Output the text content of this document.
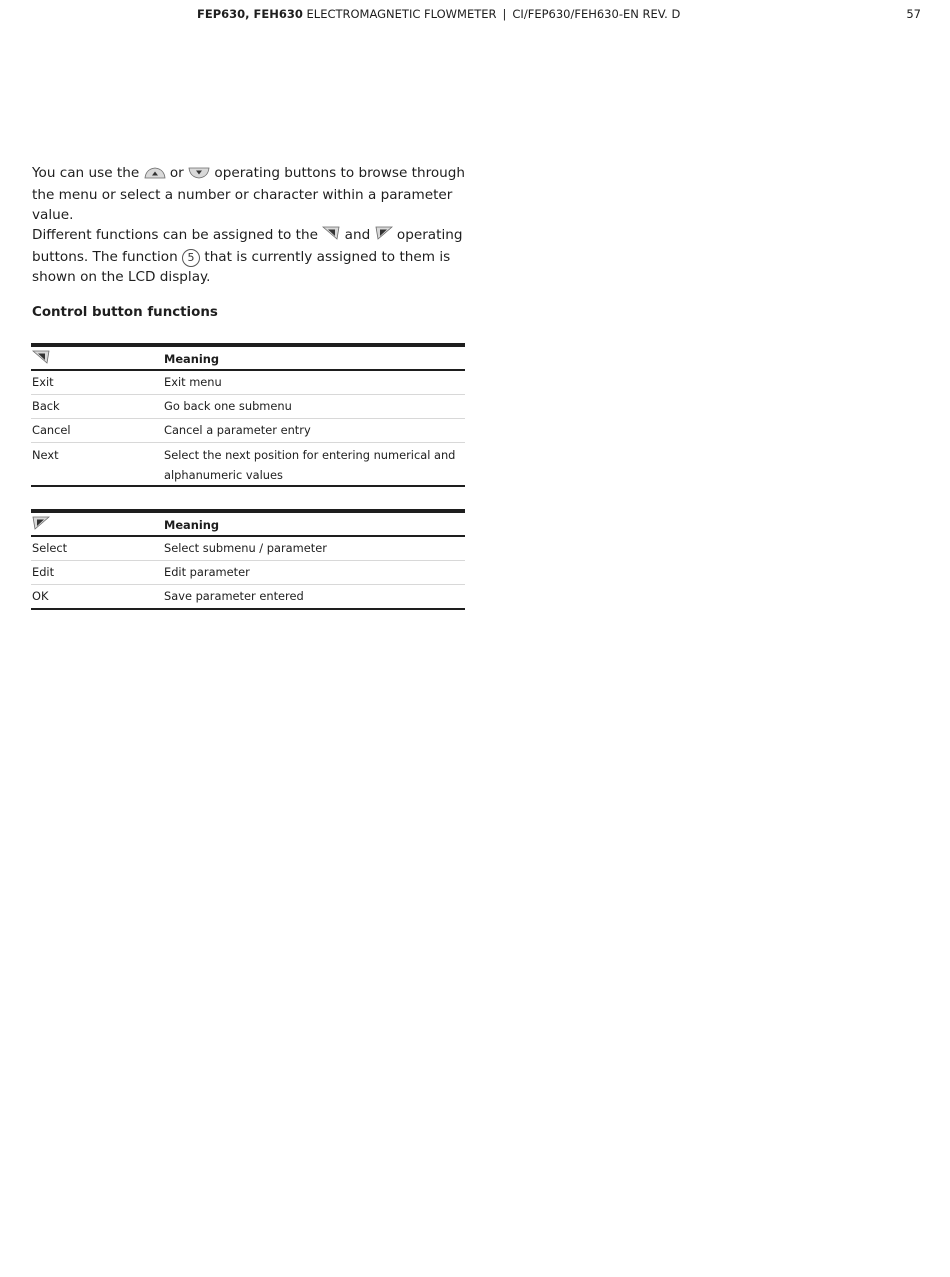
FEP630, FEH630 ELECTROMAGNETIC FLOWMETER | CI/FEP630/FEH630-EN REV. D	57

You can use the or operating buttons to browse through the menu or select a number or character within a parameter value.

Different functions can be assigned to the and operating buttons. The function 5 that is currently assigned to them is shown on the LCD display.

Control button functions
	Meaning
Exit	Exit menu
Back	Go back one submenu
Cancel	Cancel a parameter entry
Next	Select the next position for entering numerical and alphanumeric values
	Meaning
Select	Select submenu / parameter
Edit	Edit parameter
OK	Save parameter entered
